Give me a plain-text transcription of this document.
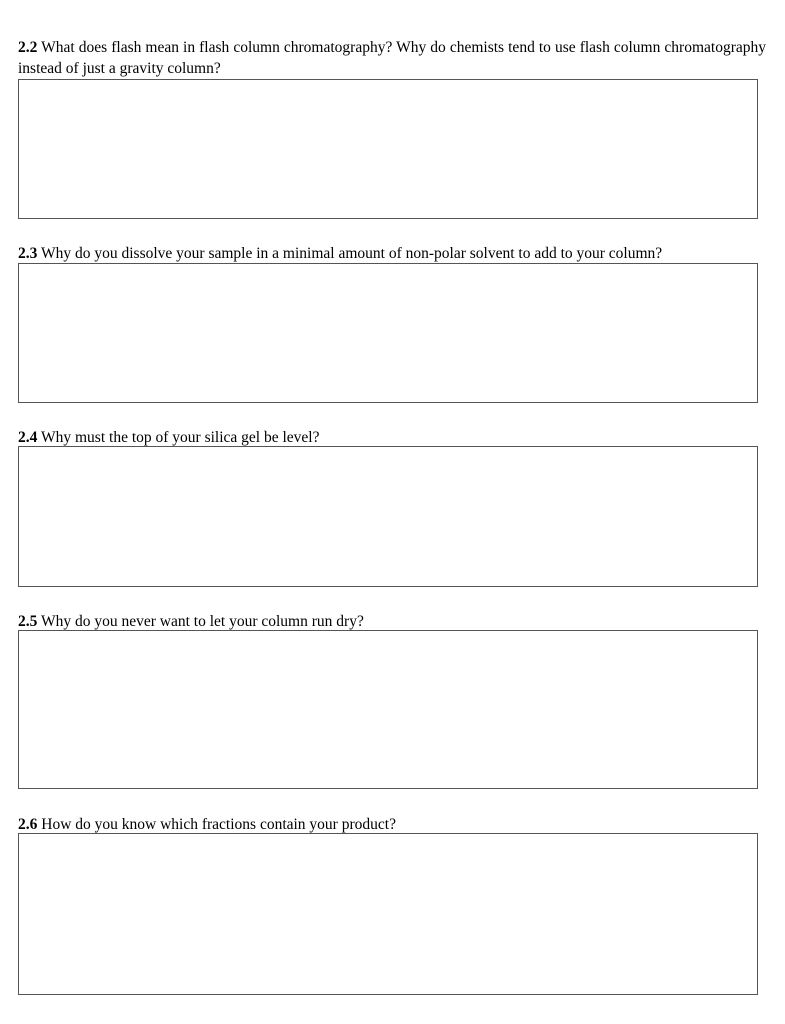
2.2 What does flash mean in flash column chromatography? Why do chemists tend to use flash column chromatography instead of just a gravity column?

2.3 Why do you dissolve your sample in a minimal amount of non-polar solvent to add to your column?

2.4 Why must the top of your silica gel be level?

2.5 Why do you never want to let your column run dry?

2.6 How do you know which fractions contain your product?
